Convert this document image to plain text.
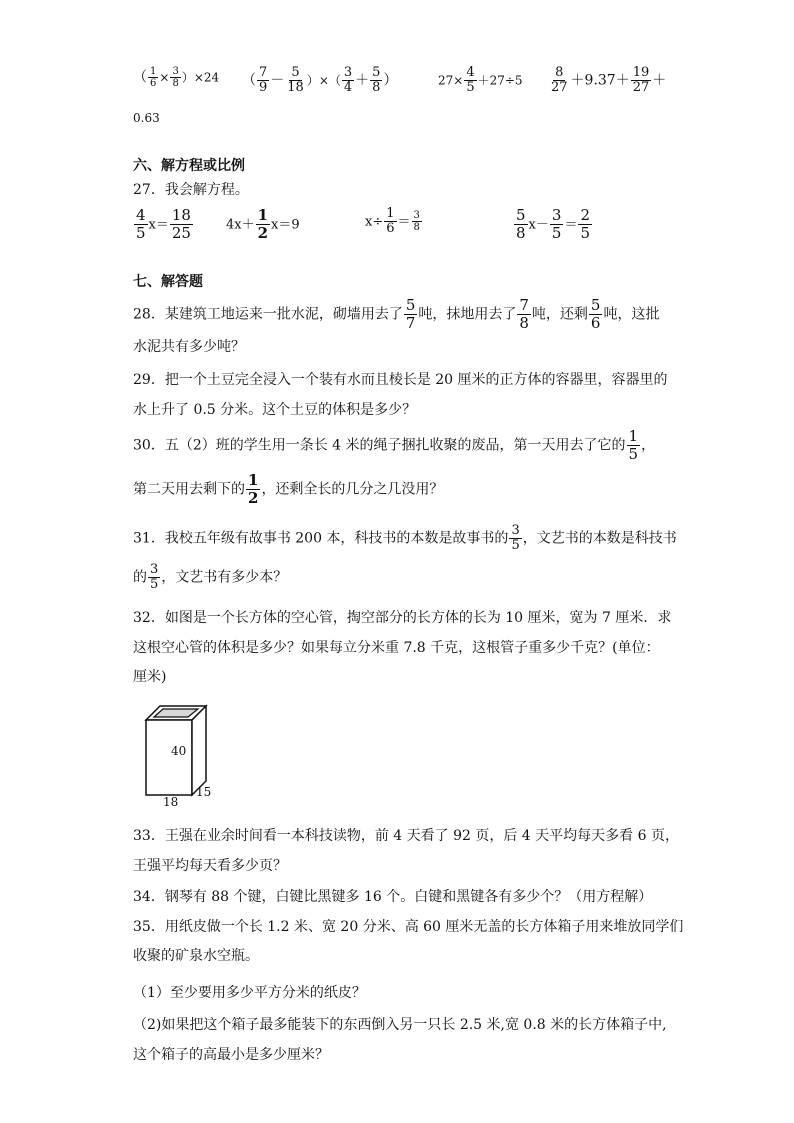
（ $\frac{1}{6} \times \frac{3}{8} )\times 24$ （ $\frac{7}{9} - \frac{5}{18}$ ）×（ $\frac{3}{4} + \frac{5}{8}$ ）	$27\times \frac{4}{5} +27\div 5 \frac{8}{27} +9.37+ \frac{19}{27}$ ＋
0.63
六、解方程或比例
27．我会解方程。
$\frac{4}{5} x= \frac{18}{25}$	$4x+ \frac{1}{2} x=9$	$x\div \frac{1}{6} = \frac{3}{8}$	$\frac{5}{8} x- \frac{3}{5} = \frac{2}{5}$
七、解答题
28．某建筑工地运来一批水泥，砌墙用去了 $\frac{5}{7}$ 吨，抹地用去了 $\frac{7}{8}$ 吨，还剩 $\frac{5}{6}$ 吨，这批
水泥共有多少吨？
29．把一个土豆完全浸入一个装有水而且棱长是 20 厘米的正方体的容器里，容器里的
水上升了 0.5 分米。这个土豆的体积是多少？
30．五（2）班的学生用一条长 4 米的绳子捆扎收聚的废品，第一天用去了它的 $\frac{1}{5}$ ，
第二天用去剩下的 $\frac{1}{2}$ ，还剩全长的几分之几没用？
31．我校五年级有故事书 200 本，科技书的本数是故事书的 $\frac{3}{5}$ ，文艺书的本数是科技书
的 $\frac{3}{5}$ ，文艺书有多少本？
32．如图是一个长方体的空心管，掏空部分的长方体的长为 10 厘米，宽为 7 厘米．求
这根空心管的体积是多少？如果每立分米重 7.8 千克，这根管子重多少千克？(单位：
厘米)
40
18
15
33．王强在业余时间看一本科技读物，前 4 天看了 92 页，后 4 天平均每天多看 6 页，
王强平均每天看多少页？
34．钢琴有 88 个键，白键比黑键多 16 个。白键和黑键各有多少个？（用方程解）
35．用纸皮做一个长 1.2 米、宽 20 分米、高 60 厘米无盖的长方体箱子用来堆放同学们
收聚的矿泉水空瓶。
（1）至少要用多少平方分米的纸皮？
（2)如果把这个箱子最多能装下的东西倒入另一只长 2.5 米,宽 0.8 米的长方体箱子中,
这个箱子的高最小是多少厘米？
